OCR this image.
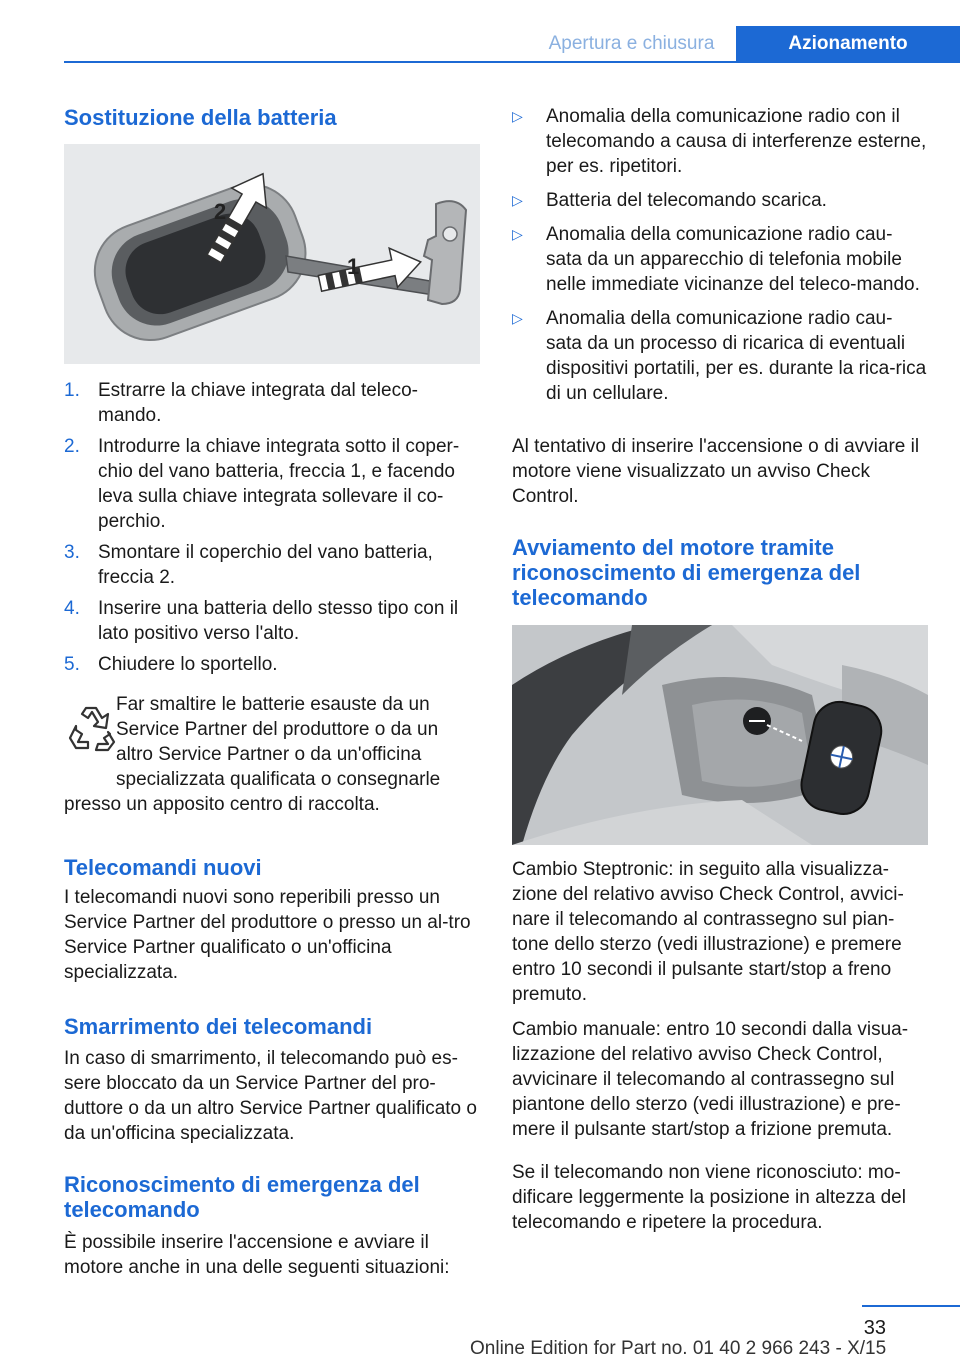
Apertura e chiusura	Azionamento
Sostituzione della batteria
1
2
1. Estrarre la chiave integrata dal teleco-mando.
2. Introdurre la chiave integrata sotto il coper-chio del vano batteria, freccia 1, e facendo leva sulla chiave integrata sollevare il co-perchio.
3. Smontare il coperchio del vano batteria, freccia 2.
4. Inserire una batteria dello stesso tipo con il lato positivo verso l'alto.
5. Chiudere lo sportello.
Far smaltire le batterie esauste da un Service Partner del produttore o da un altro Service Partner o da un'officina specializzata qualificata o consegnarle presso un apposito centro di raccolta.
Telecomandi nuovi

I telecomandi nuovi sono reperibili presso un Service Partner del produttore o presso un al-tro Service Partner qualificato o un'officina specializzata.

Smarrimento dei telecomandi

In caso di smarrimento, il telecomando può es-sere bloccato da un Service Partner del pro-duttore o da un altro Service Partner qualificato o da un'officina specializzata.

Riconoscimento di emergenza del telecomando

È possibile inserire l'accensione e avviare il motore anche in una delle seguenti situazioni:

▷ Anomalia della comunicazione radio con il telecomando a causa di interferenze esterne, per es. ripetitori.
▷ Batteria del telecomando scarica.
▷ Anomalia della comunicazione radio cau-sata da un apparecchio di telefonia mobile nelle immediate vicinanze del teleco-mando.
▷ Anomalia della comunicazione radio cau-sata da un processo di ricarica di eventuali dispositivi portatili, per es. durante la rica-rica di un cellulare.

Al tentativo di inserire l'accensione o di avviare il motore viene visualizzato un avviso Check Control.

Avviamento del motore tramite riconoscimento di emergenza del telecomando

Cambio Steptronic: in seguito alla visualizza-zione del relativo avviso Check Control, avvici-nare il telecomando al contrassegno sul pian-tone dello sterzo (vedi illustrazione) e premere entro 10 secondi il pulsante start/stop a freno premuto.

Cambio manuale: entro 10 secondi dalla visua-lizzazione del relativo avviso Check Control, avvicinare il telecomando al contrassegno sul piantone dello sterzo (vedi illustrazione) e pre-mere il pulsante start/stop a frizione premuta.

Se il telecomando non viene riconosciuto: mo-dificare leggermente la posizione in altezza del telecomando e ripetere la procedura.

33
Online Edition for Part no. 01 40 2 966 243 - X/15
